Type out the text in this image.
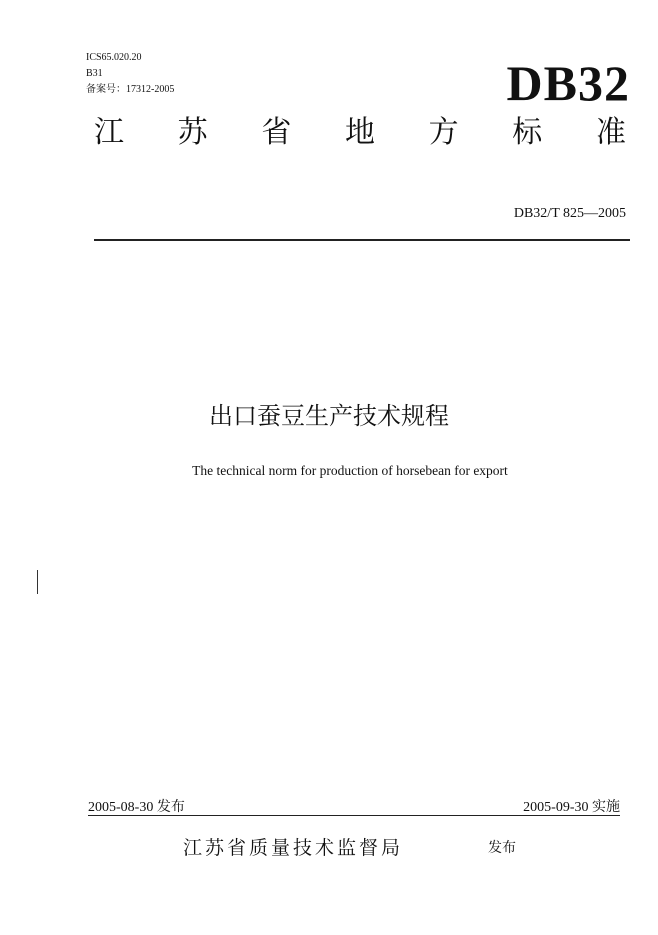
ICS65.020.20
B31
备案号：17312-2005	DB32
江 苏 省 地 方 标 准
DB32/T 825—2005
出口蚕豆生产技术规程
The technical norm for production of horsebean for export
2005-08-30 发布	2005-09-30 实施
江苏省质量技术监督局	发布
